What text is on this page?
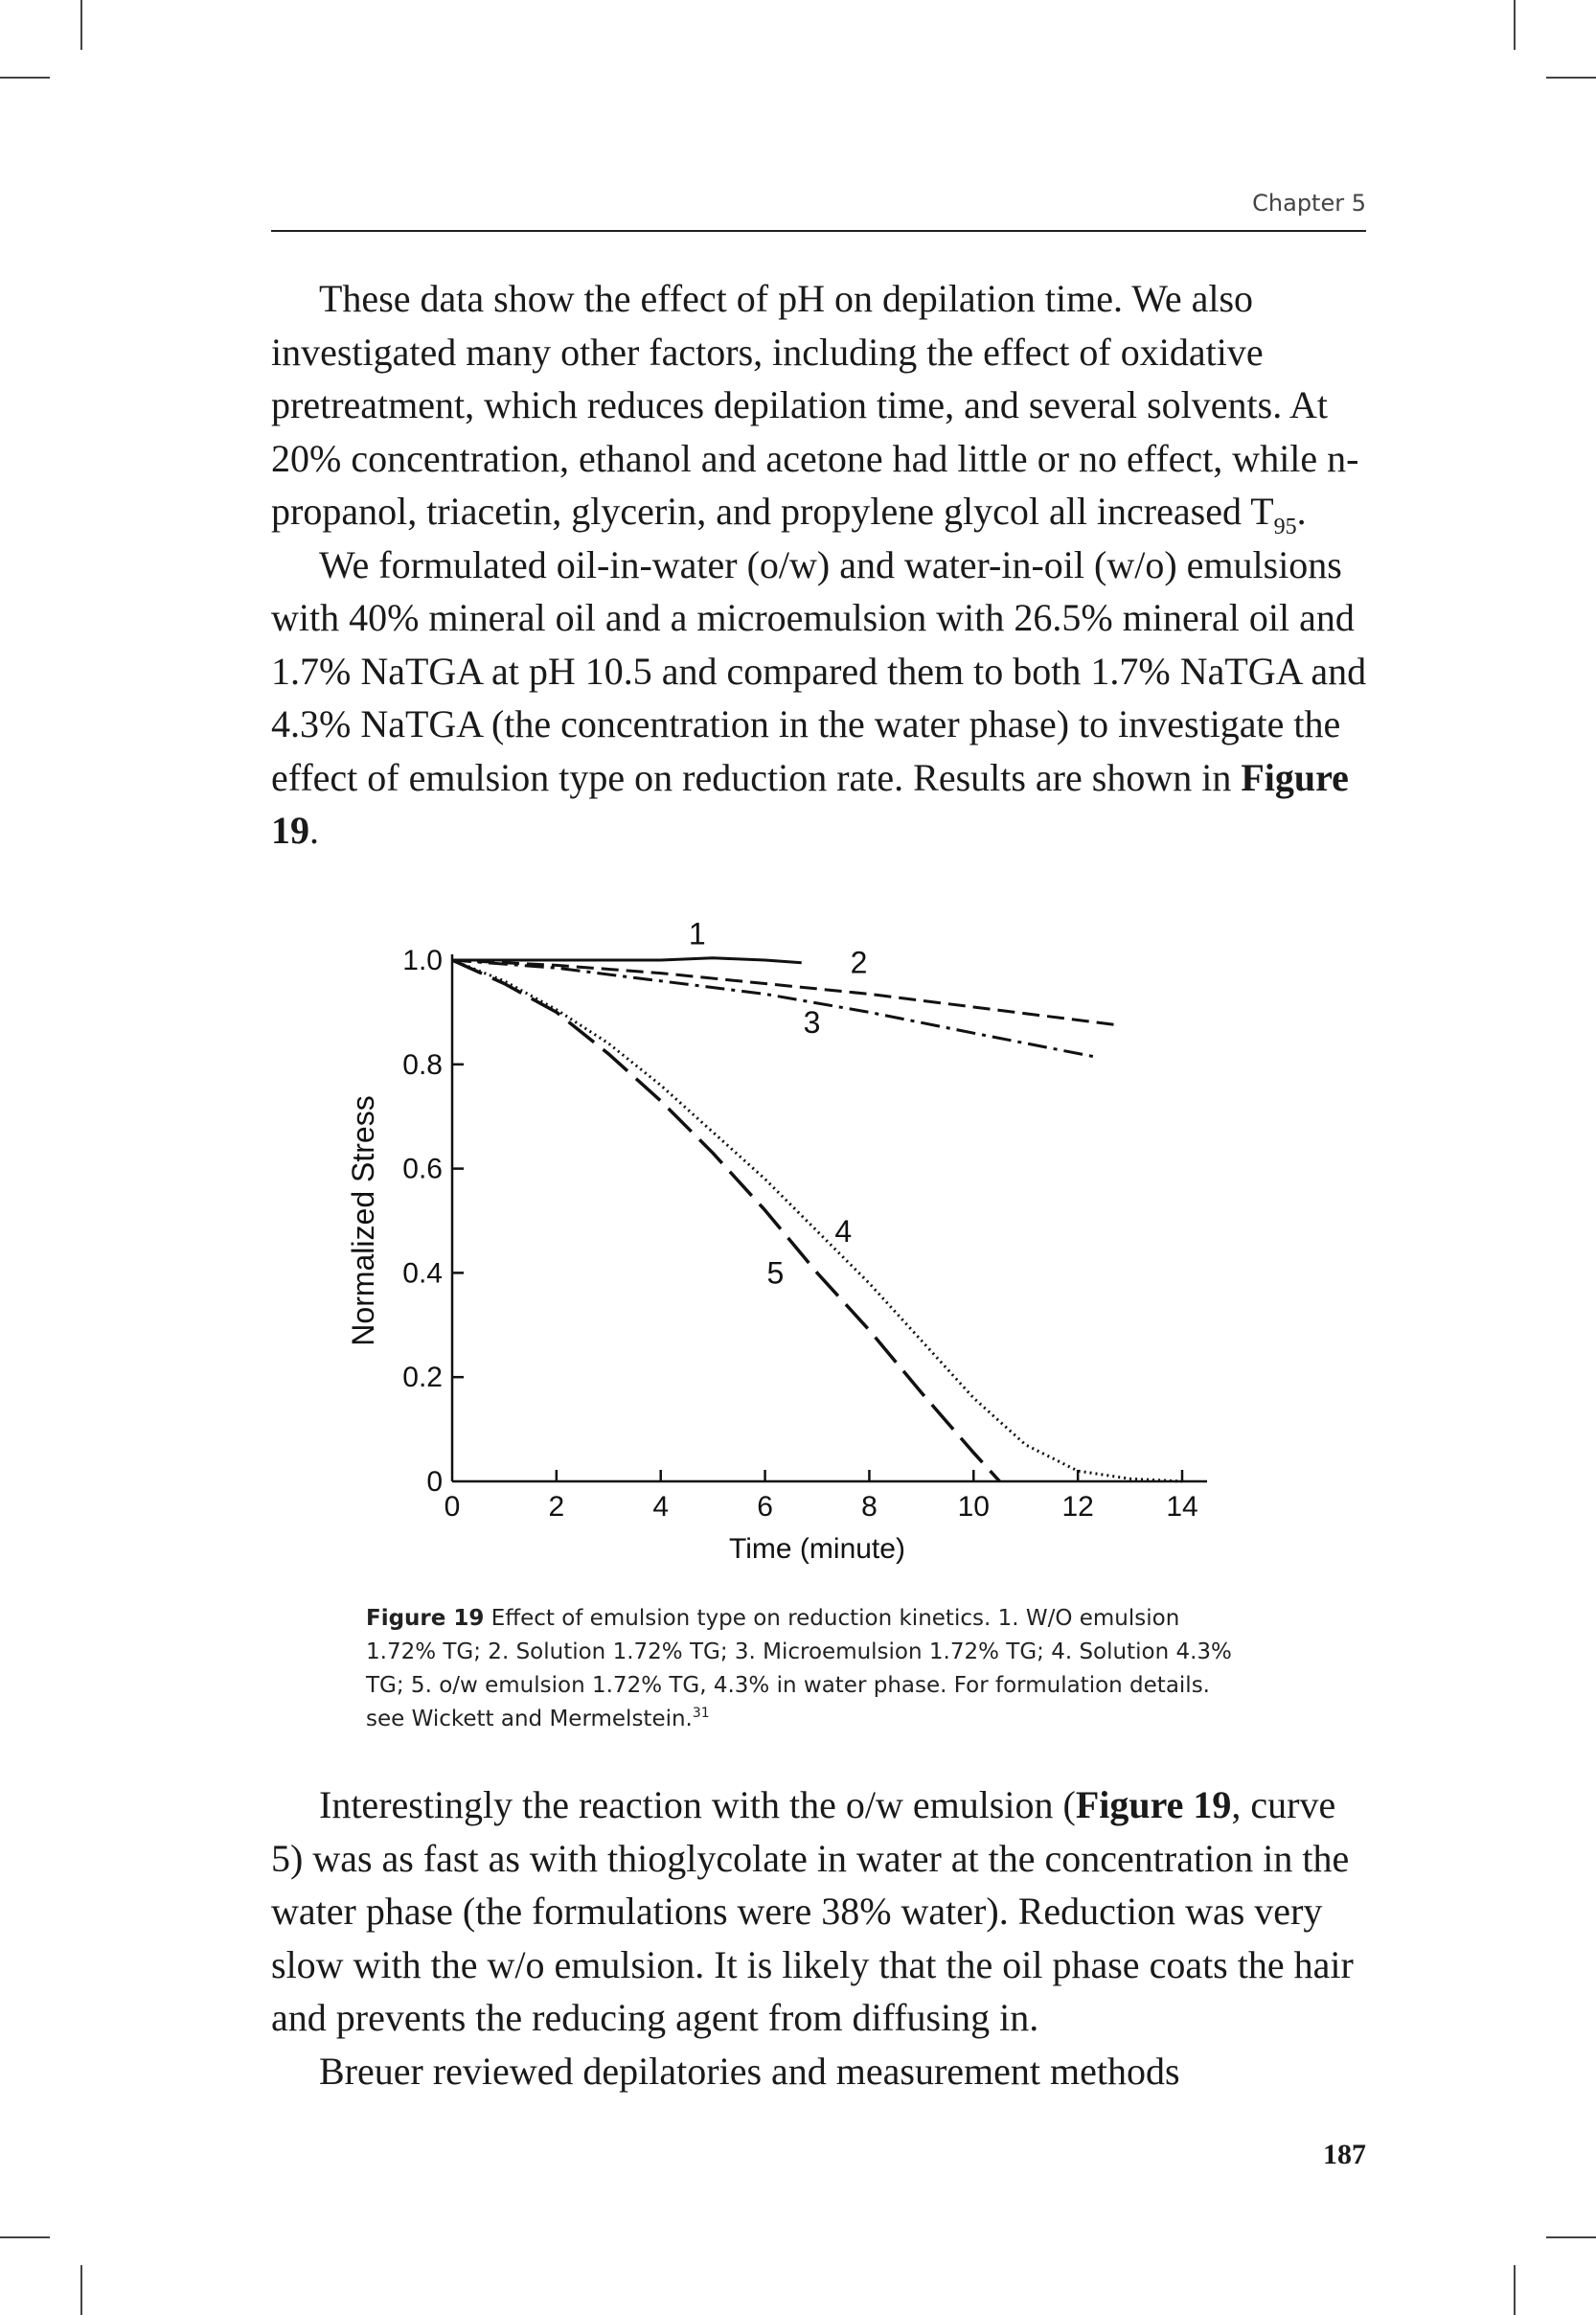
Chapter 5

These data show the effect of pH on depilation time. We also investigated many other factors, including the effect of oxidative pretreatment, which reduces depilation time, and several solvents. At 20% concentration, ethanol and acetone had little or no effect, while n-propanol, triacetin, glycerin, and propylene glycol all increased $T_{95}$.

We formulated oil-in-water (o/w) and water-in-oil (w/o) emulsions with 40% mineral oil and a microemulsion with 26.5% mineral oil and 1.7% NaTGA at pH 10.5 and compared them to both 1.7% NaTGA and 4.3% NaTGA (the concentration in the water phase) to investigate the effect of emulsion type on reduction rate. Results are shown in Figure 19.

0	2	4	6	8	10	12	14
0
0.2
0.4
0.6
0.8
1.0
Time (minute)
Normalized Stress
1
2
3
4
5
Figure 19 Effect of emulsion type on reduction kinetics. 1. W/O emulsion 1.72% TG; 2. Solution 1.72% TG; 3. Microemulsion 1.72% TG; 4. Solution 4.3% TG; 5. o/w emulsion 1.72% TG, 4.3% in water phase. For formulation details. see Wickett and Mermelstein.$^{31}$

Interestingly the reaction with the o/w emulsion (Figure 19, curve 5) was as fast as with thioglycolate in water at the concentration in the water phase (the formulations were 38% water). Reduction was very slow with the w/o emulsion. It is likely that the oil phase coats the hair and prevents the reducing agent from diffusing in.

Breuer reviewed depilatories and measurement methods

187
